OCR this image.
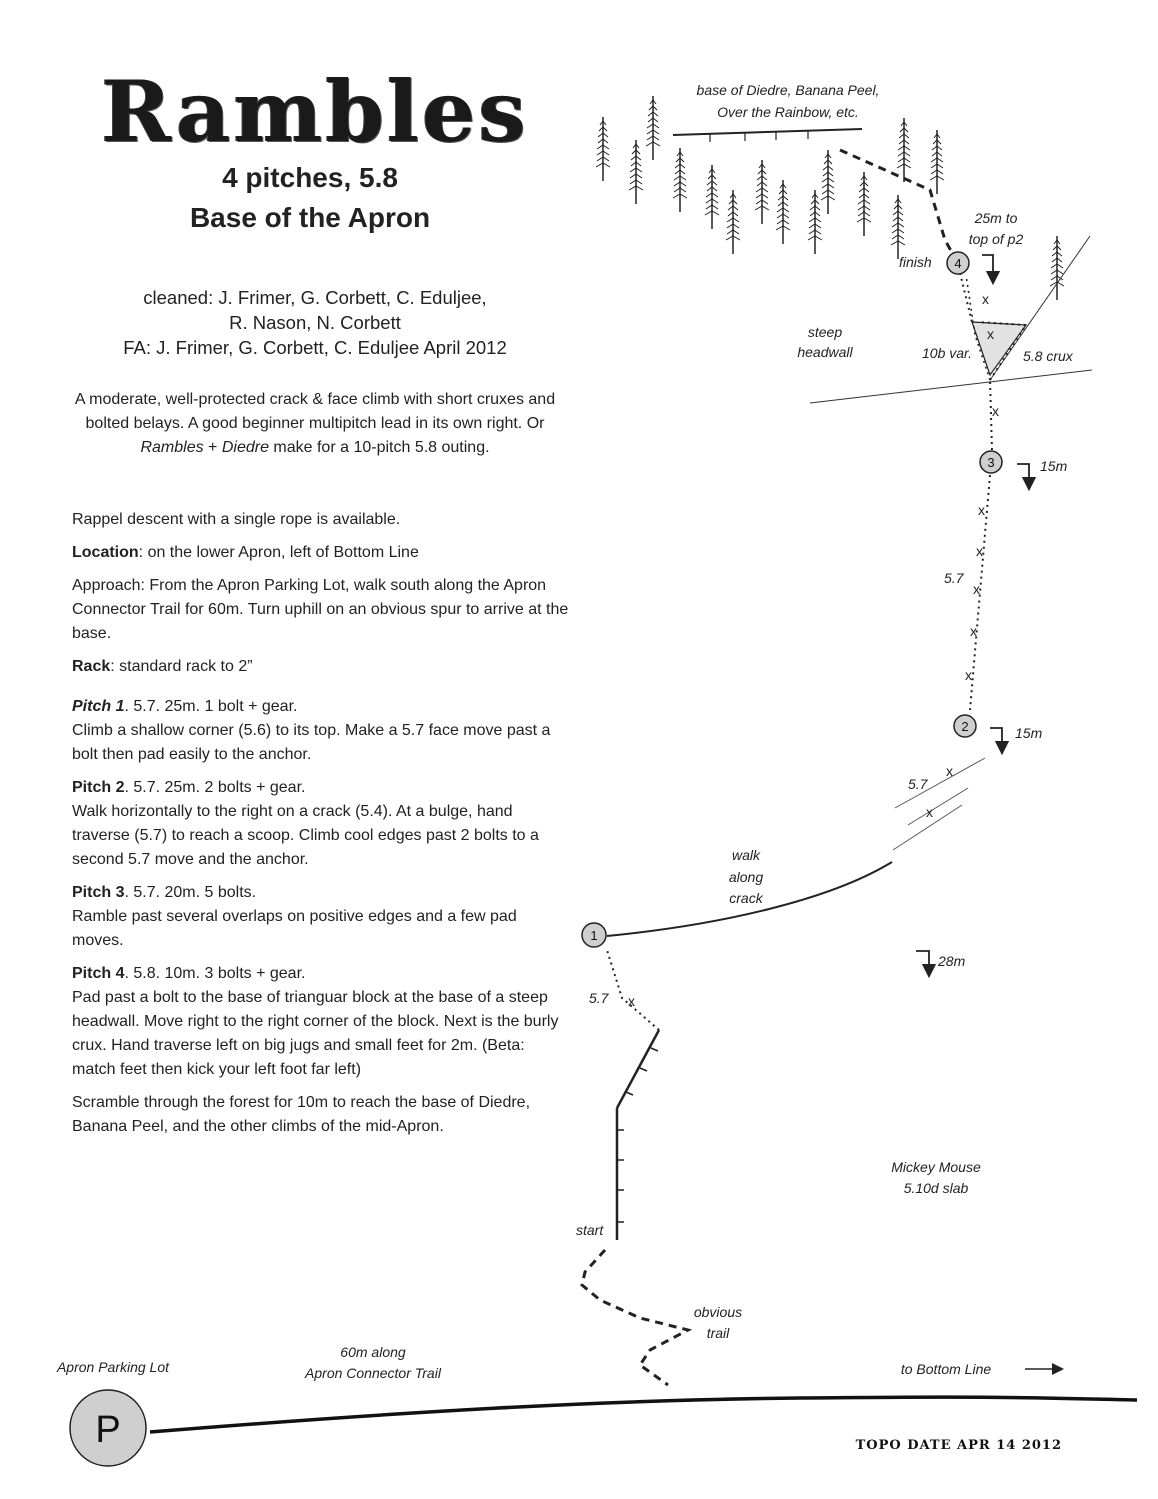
Rambles
4 pitches, 5.8
Base of the Apron
cleaned: J. Frimer, G. Corbett, C. Eduljee,
R. Nason, N. Corbett
FA: J. Frimer, G. Corbett, C. Eduljee April 2012
A moderate, well-protected crack & face climb with short cruxes and bolted belays. A good beginner multipitch lead in its own right. Or Rambles + Diedre make for a 10-pitch 5.8 outing.

Rappel descent with a single rope is available.

Location: on the lower Apron, left of Bottom Line

Approach: From the Apron Parking Lot, walk south along the Apron Connector Trail for 60m. Turn uphill on an obvious spur to arrive at the base.

Rack: standard rack to 2”

Pitch 1. 5.7. 25m. 1 bolt + gear.
Climb a shallow corner (5.6) to its top. Make a 5.7 face move past a bolt then pad easily to the anchor.

Pitch 2. 5.7. 25m. 2 bolts + gear.
Walk horizontally to the right on a crack (5.4). At a bulge, hand traverse (5.7) to reach a scoop. Climb cool edges past 2 bolts to a second 5.7 move and the anchor.

Pitch 3. 5.7. 20m. 5 bolts.
Ramble past several overlaps on positive edges and a few pad moves.

Pitch 4. 5.8. 10m. 3 bolts + gear.
Pad past a bolt to the base of trianguar block at the base of a steep headwall. Move right to the right corner of the block. Next is the burly crux. Hand traverse left on big jugs and small feet for 2m. (Beta: match feet then kick your left foot far left)

Scramble through the forest for 10m to reach the base of Diedre, Banana Peel, and the other climbs of the mid-Apron.

base of Diedre, Banana Peel,
Over the Rainbow, etc.
4
3
2
1
x
x
x
x
x
x
x
x
x
x
x
25m to
top of p2
finish
steep
headwall	10b var.	5.8 crux
15m
5.7
15m
5.7
walk
along
crack
28m
5.7
start
Mickey Mouse
5.10d slab
obvious
trail
60m along
Apron Connector Trail
Apron Parking Lot	to Bottom Line
P	TOPO DATE APR 14 2012
